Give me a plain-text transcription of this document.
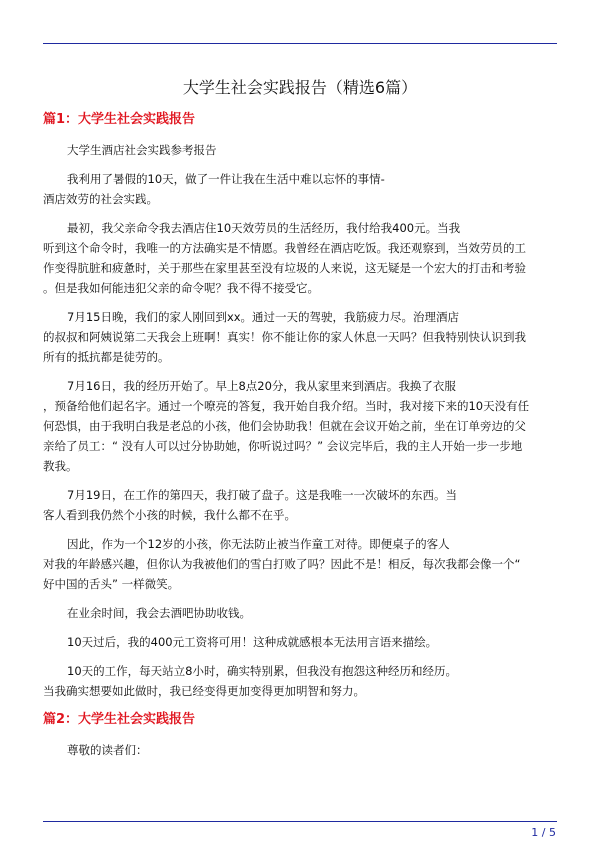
大学生社会实践报告（精选6篇）
篇1：大学生社会实践报告

大学生酒店社会实践参考报告

我利用了暑假的10天，做了一件让我在生活中难以忘怀的事情-
酒店效劳的社会实践。

最初，我父亲命令我去酒店住10天效劳员的生活经历，我付给我400元。当我
听到这个命令时，我唯一的方法确实是不情愿。我曾经在酒店吃饭。我还观察到，当效劳员的工
作变得肮脏和疲惫时，关于那些在家里甚至没有垃圾的人来说，这无疑是一个宏大的打击和考验
。但是我如何能违犯父亲的命令呢？我不得不接受它。

7月15日晚，我们的家人刚回到xx。通过一天的驾驶，我筋疲力尽。治理酒店
的叔叔和阿姨说第二天我会上班啊！真实！你不能让你的家人休息一天吗？但我特别快认识到我
所有的抵抗都是徒劳的。

7月16日，我的经历开始了。早上8点20分，我从家里来到酒店。我换了衣服
，预备给他们起名字。通过一个嘹亮的答复，我开始自我介绍。当时，我对接下来的10天没有任
何恐惧，由于我明白我是老总的小孩，他们会协助我！但就在会议开始之前，坐在订单旁边的父
亲给了员工：“ 没有人可以过分协助她，你听说过吗？” 会议完毕后，我的主人开始一步一步地
教我。

7月19日，在工作的第四天，我打破了盘子。这是我唯一一次破坏的东西。当
客人看到我仍然个小孩的时候，我什么都不在乎。

因此，作为一个12岁的小孩，你无法防止被当作童工对待。即便桌子的客人
对我的年龄感兴趣，但你认为我被他们的雪白打败了吗？因此不是！相反，每次我都会像一个“
好中国的舌头” 一样微笑。

在业余时间，我会去酒吧协助收钱。

10天过后，我的400元工资将可用！这种成就感根本无法用言语来描绘。

10天的工作，每天站立8小时，确实特别累，但我没有抱怨这种经历和经历。
当我确实想要如此做时，我已经变得更加变得更加明智和努力。

篇2：大学生社会实践报告

尊敬的读者们：

1 / 5
